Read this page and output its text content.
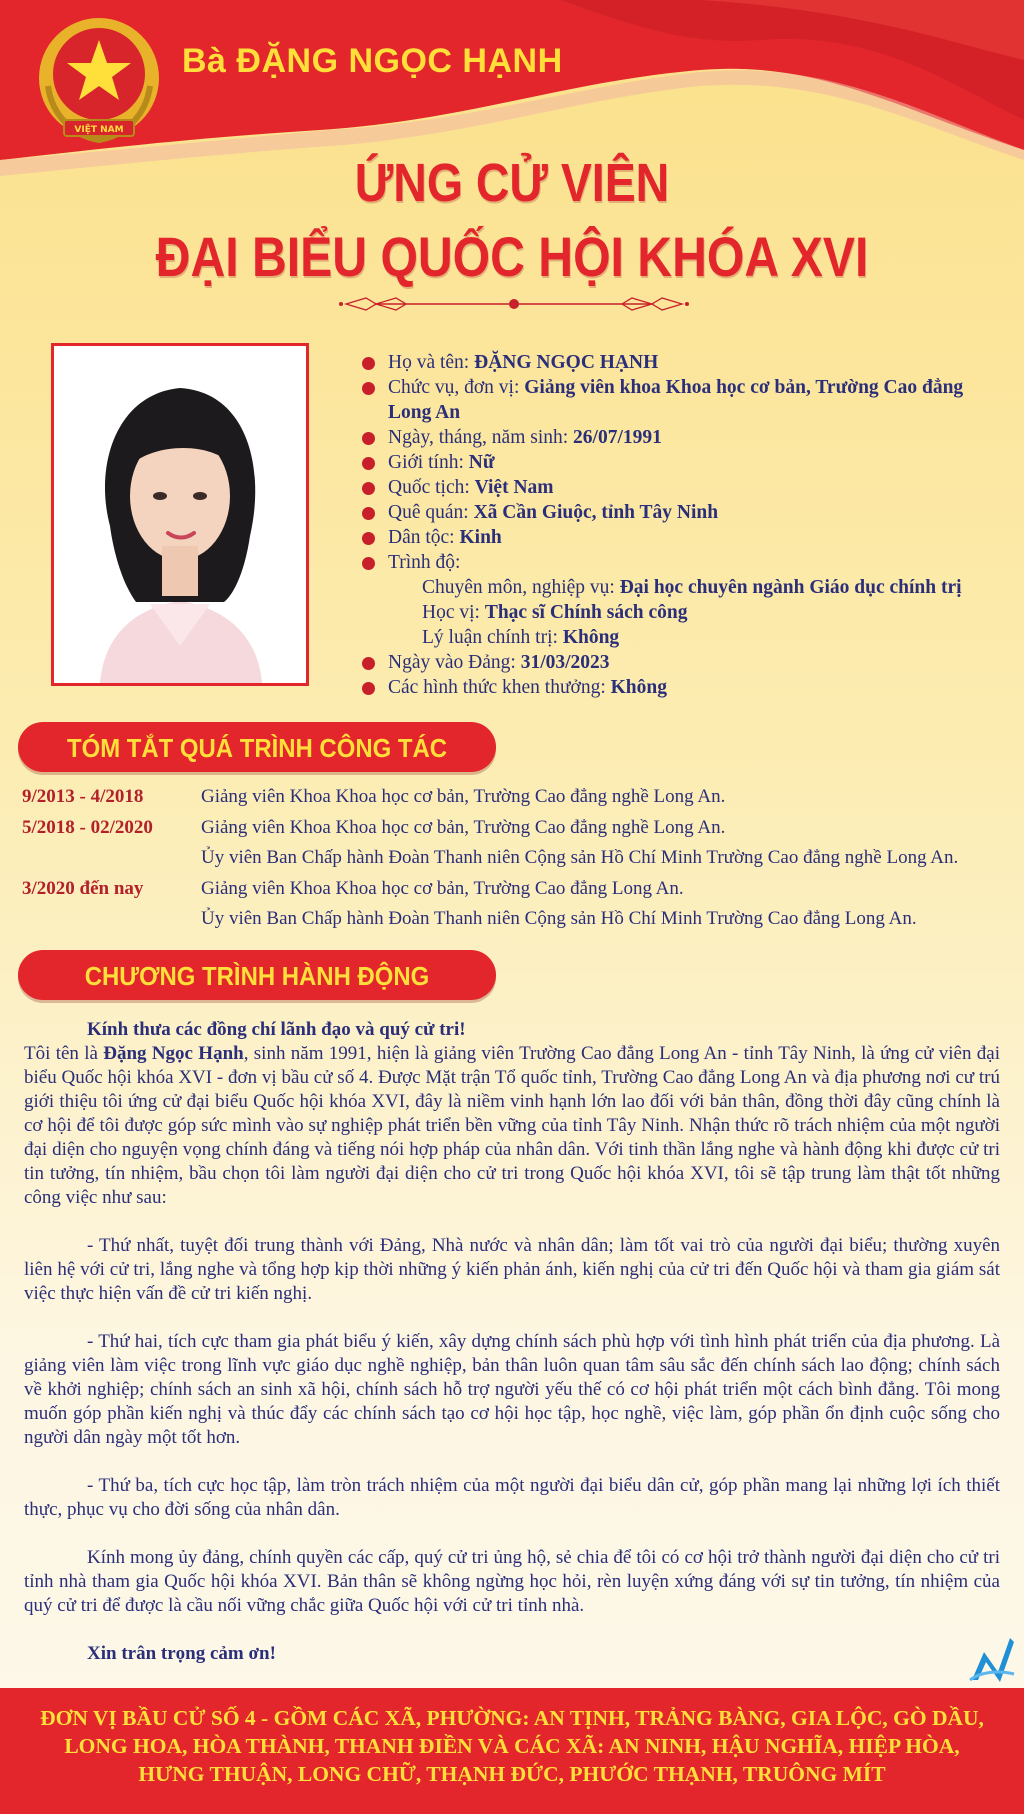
VIỆT NAM
Bà ĐẶNG NGỌC HẠNH
ỨNG CỬ VIÊN
ĐẠI BIỂU QUỐC HỘI KHÓA XVI

Họ và tên: ĐẶNG NGỌC HẠNH

Chức vụ, đơn vị: Giảng viên khoa Khoa học cơ bản, Trường Cao đẳng
Long An

Ngày, tháng, năm sinh: 26/07/1991

Giới tính: Nữ

Quốc tịch: Việt Nam

Quê quán: Xã Cần Giuộc, tỉnh Tây Ninh

Dân tộc: Kinh

Trình độ:

Chuyên môn, nghiệp vụ: Đại học chuyên ngành Giáo dục chính trị

Học vị: Thạc sĩ Chính sách công

Lý luận chính trị: Không

Ngày vào Đảng: 31/03/2023

Các hình thức khen thưởng: Không

TÓM TẮT QUÁ TRÌNH CÔNG TÁC
9/2013 - 4/2018	Giảng viên Khoa Khoa học cơ bản, Trường Cao đẳng nghề Long An.
5/2018 - 02/2020	Giảng viên Khoa Khoa học cơ bản, Trường Cao đẳng nghề Long An.
Ủy viên Ban Chấp hành Đoàn Thanh niên Cộng sản Hồ Chí Minh Trường Cao đẳng nghề Long An.
3/2020 đến nay	Giảng viên Khoa Khoa học cơ bản, Trường Cao đẳng Long An.
Ủy viên Ban Chấp hành Đoàn Thanh niên Cộng sản Hồ Chí Minh Trường Cao đẳng Long An.
CHƯƠNG TRÌNH HÀNH ĐỘNG

Kính thưa các đồng chí lãnh đạo và quý cử tri!
Tôi tên là Đặng Ngọc Hạnh, sinh năm 1991, hiện là giảng viên Trường Cao đẳng Long An - tỉnh Tây Ninh, là ứng cử viên đại biểu Quốc hội khóa XVI - đơn vị bầu cử số 4. Được Mặt trận Tổ quốc tỉnh, Trường Cao đẳng Long An và địa phương nơi cư trú giới thiệu tôi ứng cử đại biểu Quốc hội khóa XVI, đây là niềm vinh hạnh lớn lao đối với bản thân, đồng thời đây cũng chính là cơ hội để tôi được góp sức mình vào sự nghiệp phát triển bền vững của tỉnh Tây Ninh. Nhận thức rõ trách nhiệm của một người đại diện cho nguyện vọng chính đáng và tiếng nói hợp pháp của nhân dân. Với tinh thần lắng nghe và hành động khi được cử tri tin tưởng, tín nhiệm, bầu chọn tôi làm người đại diện cho cử tri trong Quốc hội khóa XVI, tôi sẽ tập trung làm thật tốt những công việc như sau:

- Thứ nhất, tuyệt đối trung thành với Đảng, Nhà nước và nhân dân; làm tốt vai trò của người đại biểu; thường xuyên liên hệ với cử tri, lắng nghe và tổng hợp kịp thời những ý kiến phản ánh, kiến nghị của cử tri đến Quốc hội và tham gia giám sát việc thực hiện vấn đề cử tri kiến nghị.

- Thứ hai, tích cực tham gia phát biểu ý kiến, xây dựng chính sách phù hợp với tình hình phát triển của địa phương. Là giảng viên làm việc trong lĩnh vực giáo dục nghề nghiệp, bản thân luôn quan tâm sâu sắc đến chính sách lao động; chính sách về khởi nghiệp; chính sách an sinh xã hội, chính sách hỗ trợ người yếu thế có cơ hội phát triển một cách bình đẳng. Tôi mong muốn góp phần kiến nghị và thúc đẩy các chính sách tạo cơ hội học tập, học nghề, việc làm, góp phần ổn định cuộc sống cho người dân ngày một tốt hơn.

- Thứ ba, tích cực học tập, làm tròn trách nhiệm của một người đại biểu dân cử, góp phần mang lại những lợi ích thiết thực, phục vụ cho đời sống của nhân dân.

Kính mong ủy đảng, chính quyền các cấp, quý cử tri ủng hộ, sẻ chia để tôi có cơ hội trở thành người đại diện cho cử tri tỉnh nhà tham gia Quốc hội khóa XVI. Bản thân sẽ không ngừng học hỏi, rèn luyện xứng đáng với sự tin tưởng, tín nhiệm của quý cử tri để được là cầu nối vững chắc giữa Quốc hội với cử tri tỉnh nhà.

Xin trân trọng cảm ơn!

ĐƠN VỊ BẦU CỬ SỐ 4 - GỒM CÁC XÃ, PHƯỜNG: AN TỊNH, TRẢNG BÀNG, GIA LỘC, GÒ DẦU,
LONG HOA, HÒA THÀNH, THANH ĐIỀN VÀ CÁC XÃ: AN NINH, HẬU NGHĨA, HIỆP HÒA,
HƯNG THUẬN, LONG CHỮ, THẠNH ĐỨC, PHƯỚC THẠNH, TRUÔNG MÍT
